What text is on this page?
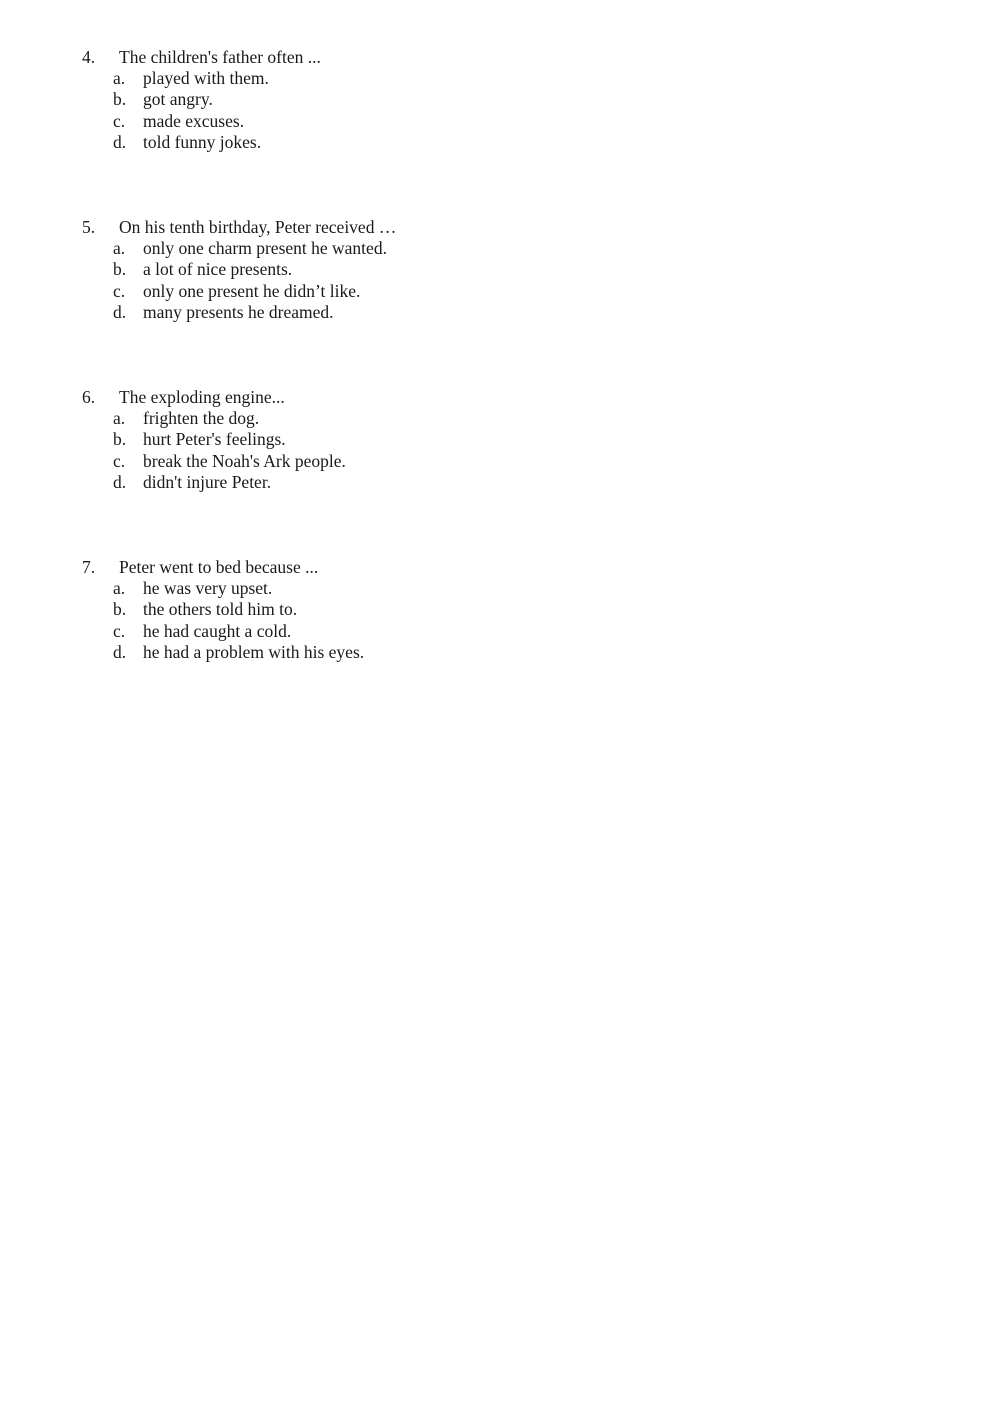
4. The children's father often ...
a. played with them.
b. got angry.
c. made excuses.
d. told funny jokes.
5. On his tenth birthday, Peter received …
a. only one charm present he wanted.
b. a lot of nice presents.
c. only one present he didn’t like.
d. many presents he dreamed.
6. The exploding engine...
a. frighten the dog.
b. hurt Peter's feelings.
c. break the Noah's Ark people.
d. didn't injure Peter.
7. Peter went to bed because ...
a. he was very upset.
b. the others told him to.
c. he had caught a cold.
d. he had a problem with his eyes.
